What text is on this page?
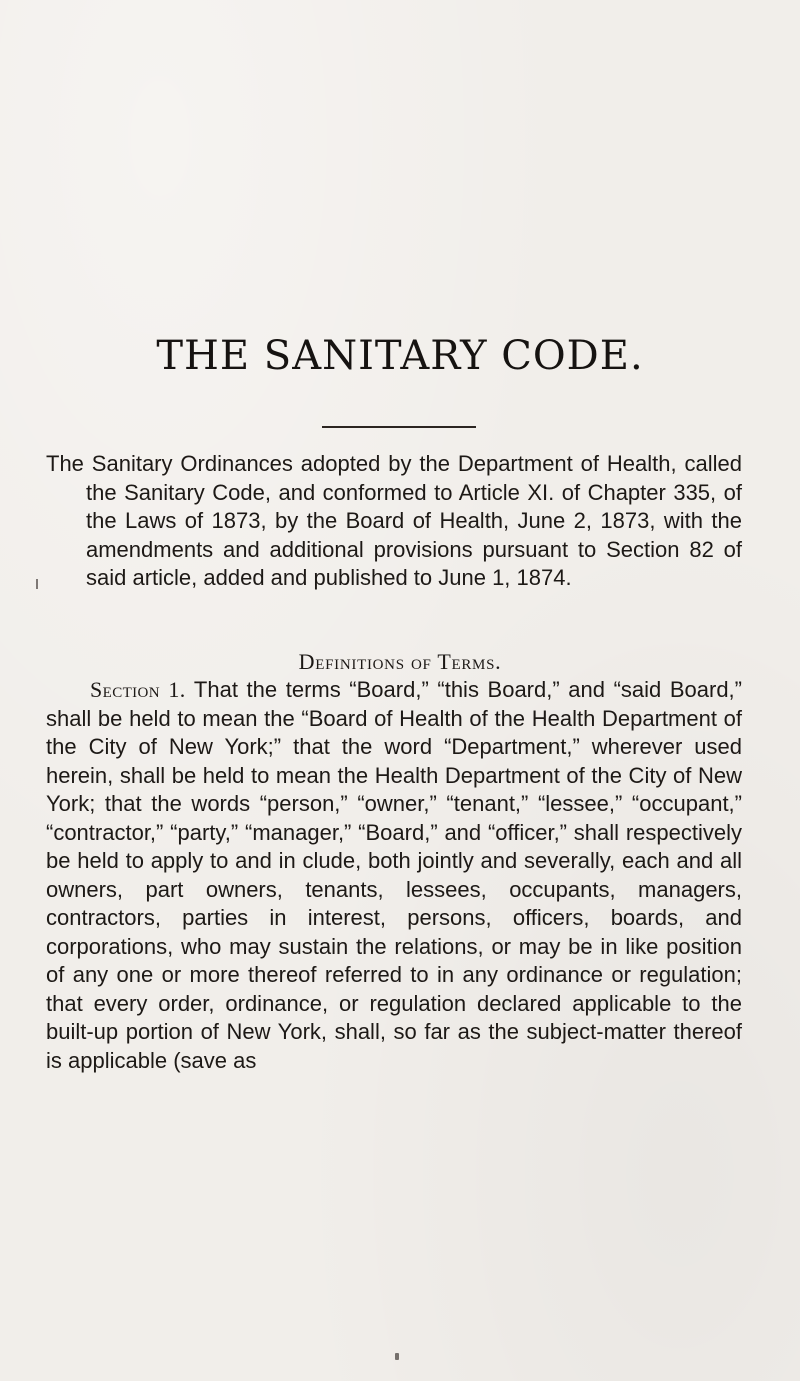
THE SANITARY CODE.

The Sanitary Ordinances adopted by the Department of Health, called the Sanitary Code, and conformed to Article XI. of Chapter 335, of the Laws of 1873, by the Board of Health, June 2, 1873, with the amendments and additional provisions pursuant to Section 82 of said article, added and published to June 1, 1874.

Definitions of Terms.

Section 1. That the terms “Board,” “this Board,” and “said Board,” shall be held to mean the “Board of Health of the Health Department of the City of New York;” that the word “Department,” wherever used herein, shall be held to mean the Health Department of the City of New York; that the words “person,” “owner,” “tenant,” “lessee,” “occupant,” “contractor,” “party,” “manager,” “Board,” and “officer,” shall respectively be held to apply to and in clude, both jointly and severally, each and all owners, part owners, tenants, lessees, occupants, managers, contractors, parties in interest, persons, officers, boards, and corporations, who may sustain the relations, or may be in like position of any one or more thereof referred to in any ordinance or regulation; that every order, ordinance, or regulation declared applicable to the built-up portion of New York, shall, so far as the subject-matter thereof is applicable (save as
